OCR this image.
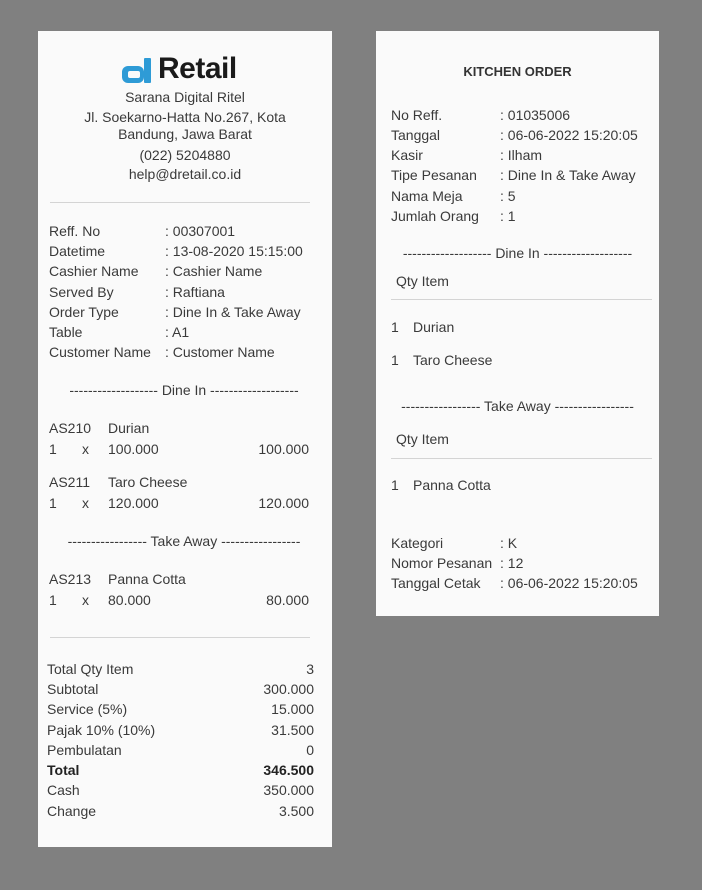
Retail
Sarana Digital Ritel
Jl. Soekarno-Hatta No.267, Kota
Bandung, Jawa Barat
(022) 5204880
help@dretail.co.id
Reff. No	: 00307001
Datetime	: 13-08-2020 15:15:00
Cashier Name : Cashier Name
Served By	: Raftiana
Order Type	: Dine In & Take Away
Table	: A1
Customer Name : Customer Name
------------------- Dine In -------------------
AS210 Durian
1 x 100.000	100.000
AS211 Taro Cheese
1 x 120.000	120.000
----------------- Take Away -----------------
AS213 Panna Cotta
1 x 80.000	80.000
Total Qty Item	3
Subtotal	300.000
Service (5%)	15.000
Pajak 10% (10%)	31.500
Pembulatan	0
Total	346.500
Cash	350.000
Change	3.500
KITCHEN ORDER
No Reff.	: 01035006
Tanggal	: 06-06-2022 15:20:05
Kasir	: Ilham
Tipe Pesanan : Dine In & Take Away
Nama Meja	: 5
Jumlah Orang : 1
------------------- Dine In -------------------
Qty Item
1 Durian
1 Taro Cheese
----------------- Take Away -----------------
Qty Item
1 Panna Cotta
Kategori	: K
Nomor Pesanan : 12
Tanggal Cetak : 06-06-2022 15:20:05
